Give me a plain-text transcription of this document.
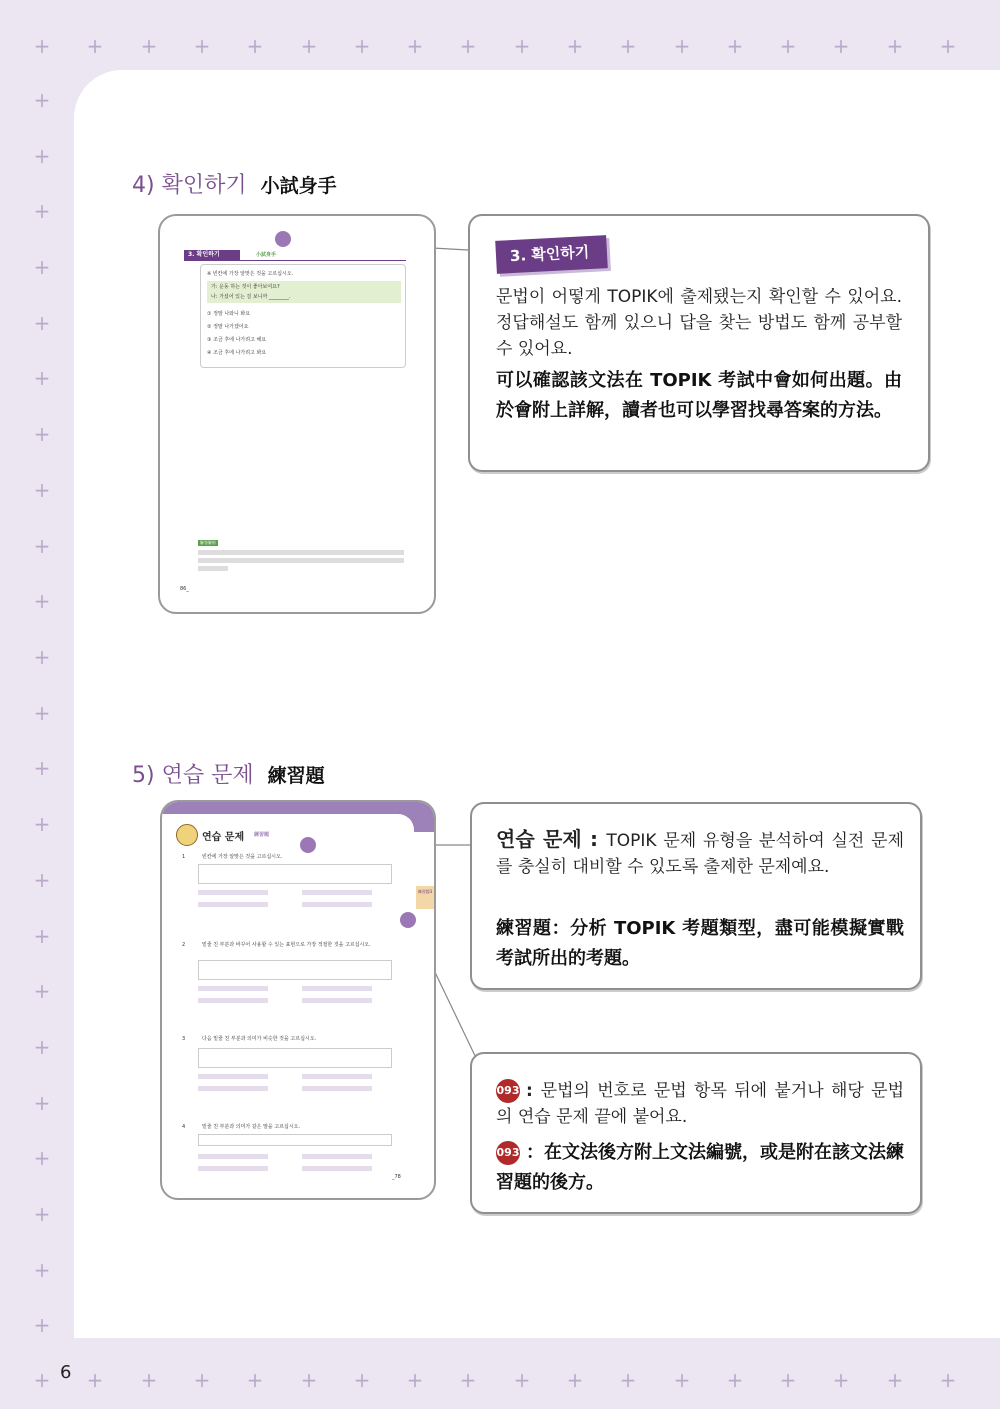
+ + + + + + + + + + + + + + + + + +
+ + + + + + + + + + + + + + + + + +
+
+
+
+
+
+
+
+
+
+
+
+
+
+
+
+
+
+
+
+
+
+
+
4) 확인하기 小試身手
3. 확인하기	小試身手
※ 빈칸에 가장 알맞은 것을 고르십시오.
가: 운동 하는 것이 좋아보여요?
나: 가셨어 있는 걸 보니까 ________.
① 정말 나와니 봐요
② 정말 나가겠어요
③ 조금 후에 나가려고 해요
④ 조금 후에 나가려고 봐요
解答解析
86_
3. 확인하기
문법이 어떻게 TOPIK에 출제됐는지 확인할 수 있어요. 정답해설도 함께 있으니 답을 찾는 방법도 함께 공부할 수 있어요.
可以確認該文法在 TOPIK 考試中會如何出題。由於會附上詳解，讀者也可以學習找尋答案的方法。
5) 연습 문제 練習題
연습 문제 練習題
1	빈칸에 가장 알맞은 것을 고르십시오.
練習題3
2	밑줄 친 부분과 바꾸어 사용할 수 있는 표현으로 가장 적절한 것을 고르십시오.
3	다음 밑줄 친 부분과 의미가 비슷한 것을 고르십시오.
4	밑줄 친 부분과 의미가 같은 말을 고르십시오.
_78
연습 문제 : TOPIK 문제 유형을 분석하여 실전 문제를 충실히 대비할 수 있도록 출제한 문제예요.
練習題：分析 TOPIK 考題類型，盡可能模擬實戰考試所出的考題。
093 : 문법의 번호로 문법 항목 뒤에 붙거나 해당 문법의 연습 문제 끝에 붙어요.
093 ：在文法後方附上文法編號，或是附在該文法練習題的後方。
6
